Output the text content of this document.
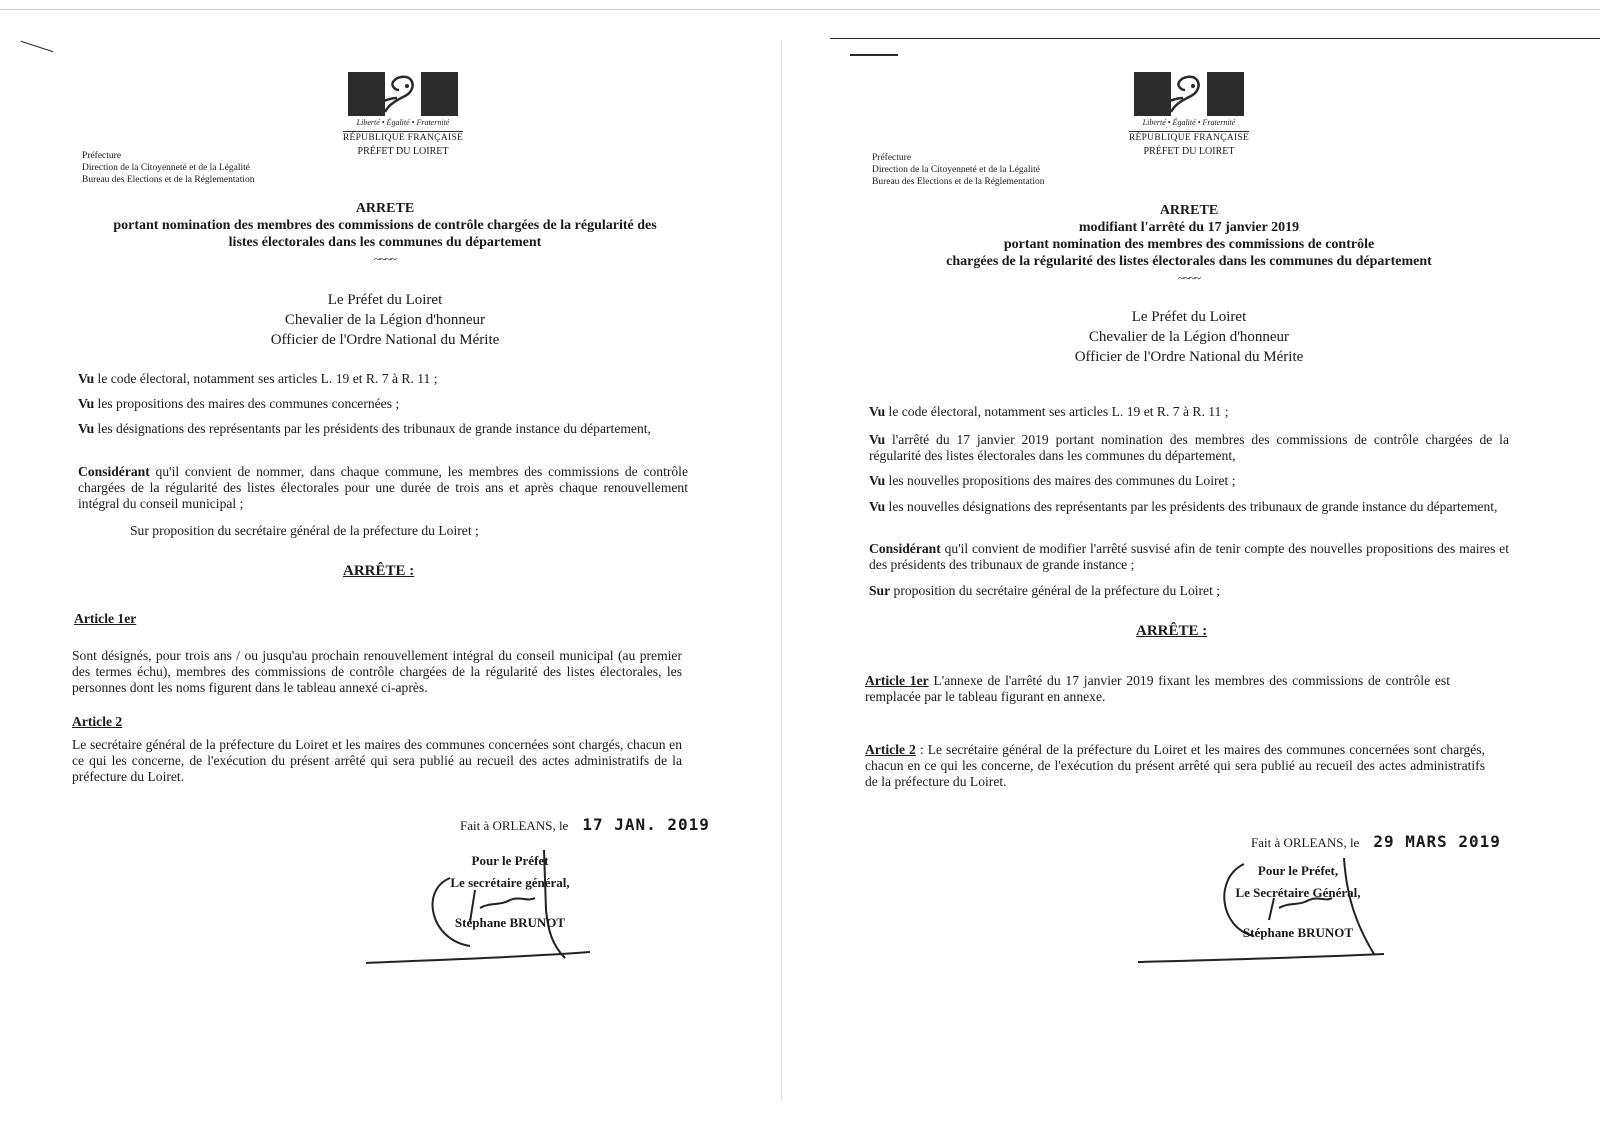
Liberté • Égalité • Fraternité
RÉPUBLIQUE FRANÇAISE
PRÉFET DU LOIRET
Préfecture
Direction de la Citoyenneté et de la Légalité
Bureau des Elections et de la Réglementation
ARRETE
portant nomination des membres des commissions de contrôle chargées de la régularité des
listes électorales dans les communes du département
~~~~
Le Préfet du Loiret
Chevalier de la Légion d'honneur
Officier de l'Ordre National du Mérite

Vu le code électoral, notamment ses articles L. 19 et R. 7 à R. 11 ;

Vu les propositions des maires des communes concernées ;

Vu les désignations des représentants par les présidents des tribunaux de grande instance du département,

Considérant qu'il convient de nommer, dans chaque commune, les membres des commissions de contrôle chargées de la régularité des listes électorales pour une durée de trois ans et après chaque renouvellement intégral du conseil municipal ;

Sur proposition du secrétaire général de la préfecture du Loiret ;

ARRÊTE :

Article 1er

Sont désignés, pour trois ans / ou jusqu'au prochain renouvellement intégral du conseil municipal (au premier des termes échu), membres des commissions de contrôle chargées de la régularité des listes électorales, les personnes dont les noms figurent dans le tableau annexé ci-après.

Article 2

Le secrétaire général de la préfecture du Loiret et les maires des communes concernées sont chargés, chacun en ce qui les concerne, de l'exécution du présent arrêté qui sera publié au recueil des actes administratifs de la préfecture du Loiret.

Fait à ORLEANS, le 17 JAN. 2019
Pour le Préfet
Le secrétaire général,
Stéphane BRUNOT
Liberté • Égalité • Fraternité
RÉPUBLIQUE FRANÇAISE
PRÉFET DU LOIRET
Préfecture
Direction de la Citoyenneté et de la Légalité
Bureau des Elections et de la Réglementation
ARRETE
modifiant l'arrêté du 17 janvier 2019
portant nomination des membres des commissions de contrôle
chargées de la régularité des listes électorales dans les communes du département
~~~~
Le Préfet du Loiret
Chevalier de la Légion d'honneur
Officier de l'Ordre National du Mérite

Vu le code électoral, notamment ses articles L. 19 et R. 7 à R. 11 ;

Vu l'arrêté du 17 janvier 2019 portant nomination des membres des commissions de contrôle chargées de la régularité des listes électorales dans les communes du département,

Vu les nouvelles propositions des maires des communes du Loiret ;

Vu les nouvelles désignations des représentants par les présidents des tribunaux de grande instance du département,

Considérant qu'il convient de modifier l'arrêté susvisé afin de tenir compte des nouvelles propositions des maires et des présidents des tribunaux de grande instance ;

Sur proposition du secrétaire général de la préfecture du Loiret ;

ARRÊTE :

Article 1er L'annexe de l'arrêté du 17 janvier 2019 fixant les membres des commissions de contrôle est remplacée par le tableau figurant en annexe.

Article 2 : Le secrétaire général de la préfecture du Loiret et les maires des communes concernées sont chargés, chacun en ce qui les concerne, de l'exécution du présent arrêté qui sera publié au recueil des actes administratifs de la préfecture du Loiret.

Fait à ORLEANS, le 29 MARS 2019
Pour le Préfet,
Le Secrétaire Général,
Stéphane BRUNOT
